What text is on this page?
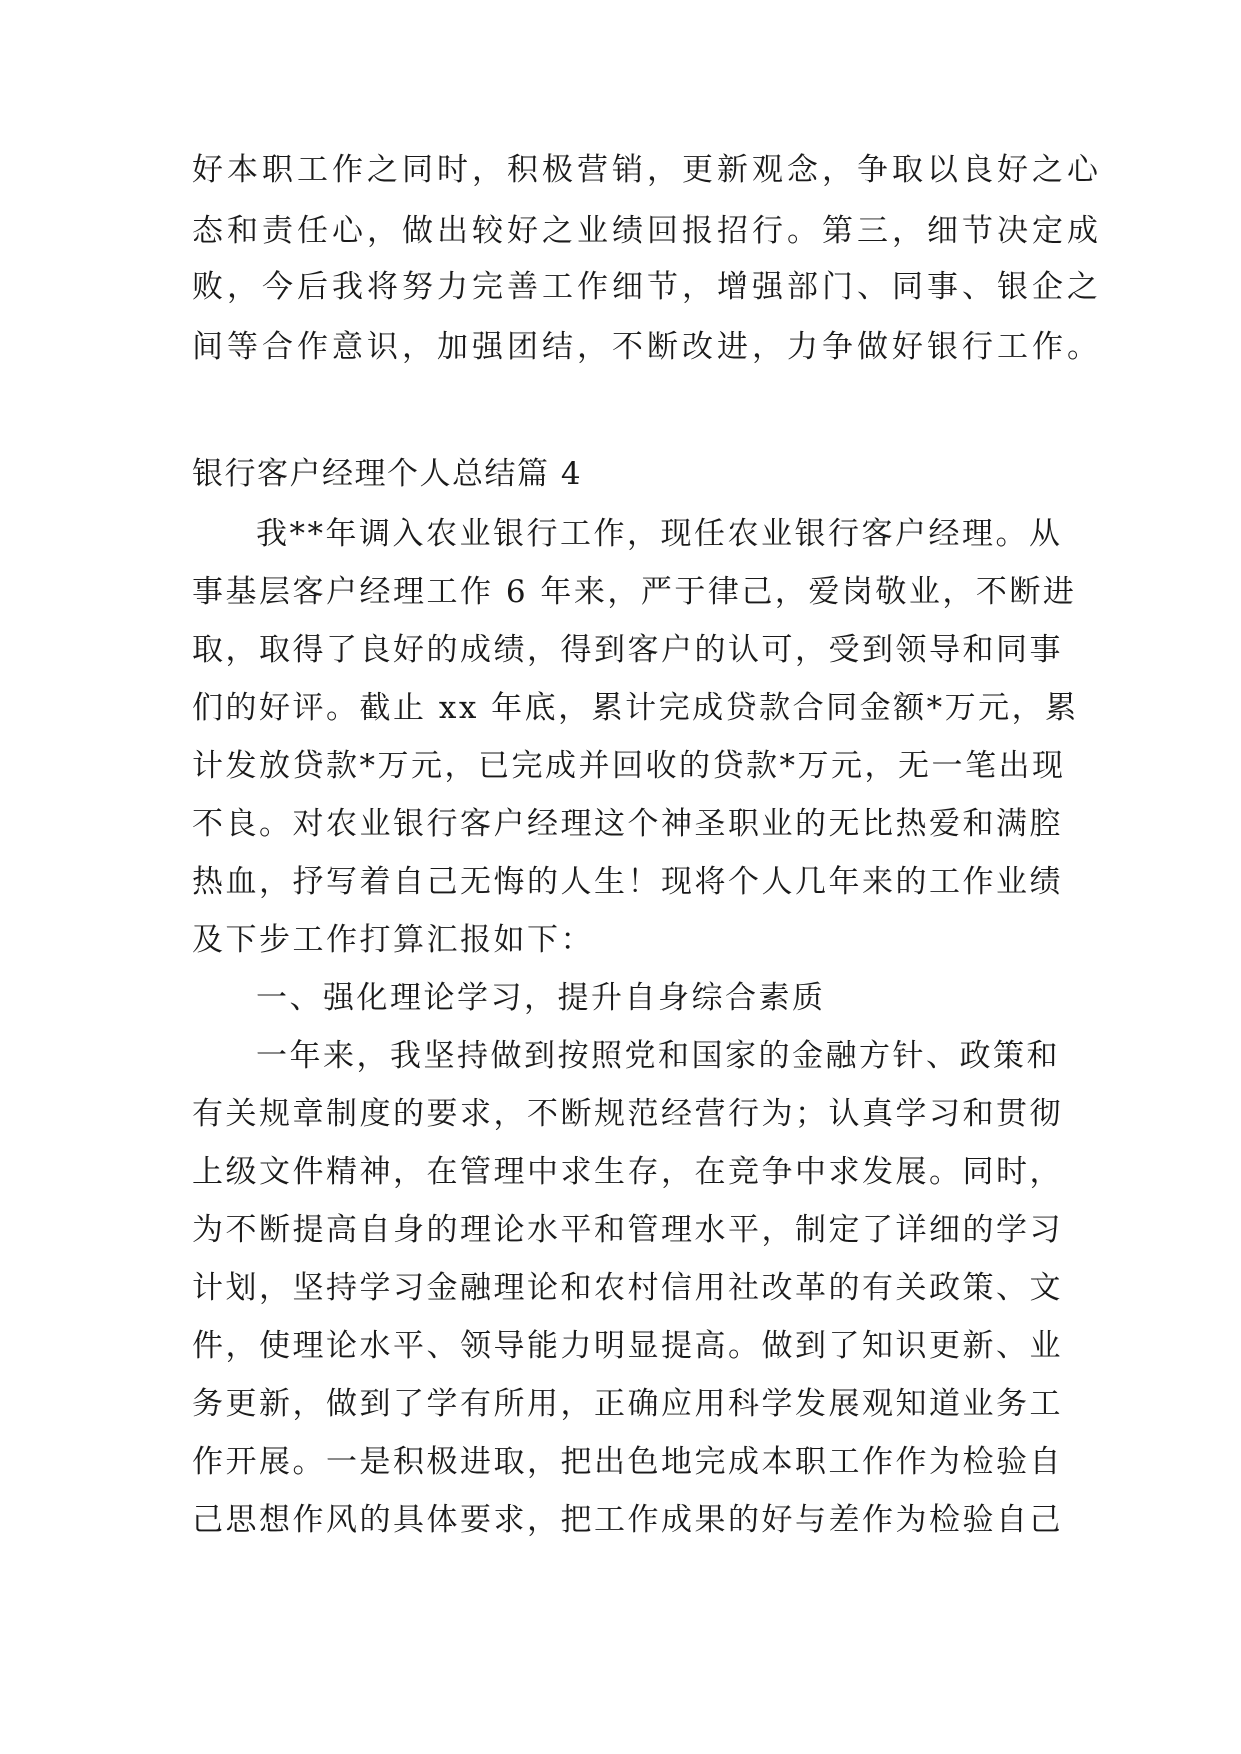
好本职工作之同时，积极营销，更新观念，争取以良好之心
态和责任心，做出较好之业绩回报招行。第三，细节决定成
败，今后我将努力完善工作细节，增强部门、同事、银企之
间等合作意识，加强团结，不断改进，力争做好银行工作。
银行客户经理个人总结篇 4
我**年调入农业银行工作，现任农业银行客户经理。从
事基层客户经理工作 6 年来，严于律己，爱岗敬业，不断进
取，取得了良好的成绩，得到客户的认可，受到领导和同事
们的好评。截止 xx 年底，累计完成贷款合同金额*万元，累
计发放贷款*万元，已完成并回收的贷款*万元，无一笔出现
不良。对农业银行客户经理这个神圣职业的无比热爱和满腔
热血，抒写着自己无悔的人生！现将个人几年来的工作业绩
及下步工作打算汇报如下：
一、强化理论学习，提升自身综合素质
一年来，我坚持做到按照党和国家的金融方针、政策和
有关规章制度的要求，不断规范经营行为；认真学习和贯彻
上级文件精神，在管理中求生存，在竞争中求发展。同时，
为不断提高自身的理论水平和管理水平，制定了详细的学习
计划，坚持学习金融理论和农村信用社改革的有关政策、文
件，使理论水平、领导能力明显提高。做到了知识更新、业
务更新，做到了学有所用，正确应用科学发展观知道业务工
作开展。一是积极进取，把出色地完成本职工作作为检验自
己思想作风的具体要求，把工作成果的好与差作为检验自己
